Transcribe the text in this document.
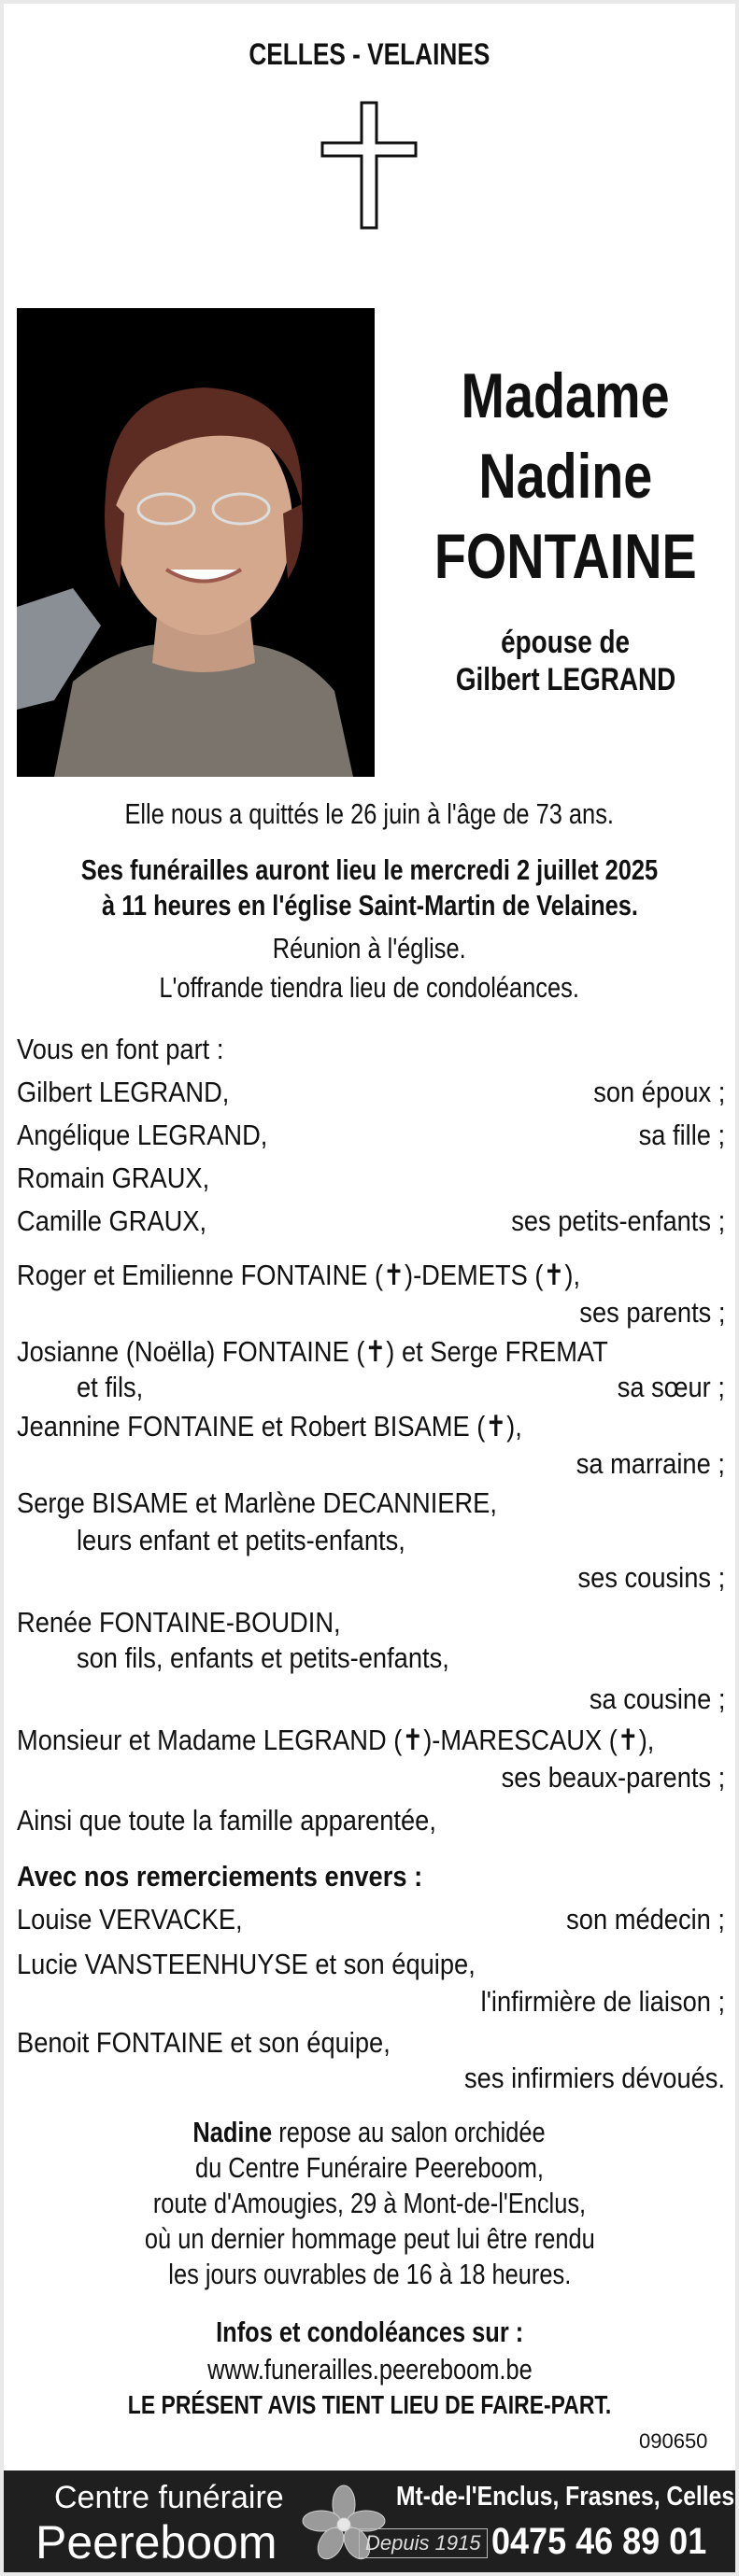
CELLES - VELAINES
Madame
Nadine
FONTAINE
épouse de
Gilbert LEGRAND
Elle nous a quittés le 26 juin à l'âge de 73 ans.
Ses funérailles auront lieu le mercredi 2 juillet 2025
à 11 heures en l'église Saint-Martin de Velaines.
Réunion à l'église.
L'offrande tiendra lieu de condoléances.
Vous en font part :
Gilbert LEGRAND,	son époux ;
Angélique LEGRAND,	sa fille ;
Romain GRAUX,
Camille GRAUX,	ses petits-enfants ;
Roger et Emilienne FONTAINE (✝)-DEMETS (✝),
ses parents ;
Josianne (Noëlla) FONTAINE (✝) et Serge FREMAT
et fils,	sa sœur ;
Jeannine FONTAINE et Robert BISAME (✝),
sa marraine ;
Serge BISAME et Marlène DECANNIERE,
leurs enfant et petits-enfants,
ses cousins ;
Renée FONTAINE-BOUDIN,
son fils, enfants et petits-enfants,
sa cousine ;
Monsieur et Madame LEGRAND (✝)-MARESCAUX (✝),
ses beaux-parents ;
Ainsi que toute la famille apparentée,
Avec nos remerciements envers :
Louise VERVACKE,	son médecin ;
Lucie VANSTEENHUYSE et son équipe,
l'infirmière de liaison ;
Benoit FONTAINE et son équipe,
ses infirmiers dévoués.
Nadine repose au salon orchidée
du Centre Funéraire Peereboom,
route d'Amougies, 29 à Mont-de-l'Enclus,
où un dernier hommage peut lui être rendu
les jours ouvrables de 16 à 18 heures.
Infos et condoléances sur :
www.funerailles.peereboom.be
LE PRÉSENT AVIS TIENT LIEU DE FAIRE-PART.
090650
Centre funéraire
Peereboom	Depuis 1915
Mt-de-l'Enclus, Frasnes, Celles
0475 46 89 01
